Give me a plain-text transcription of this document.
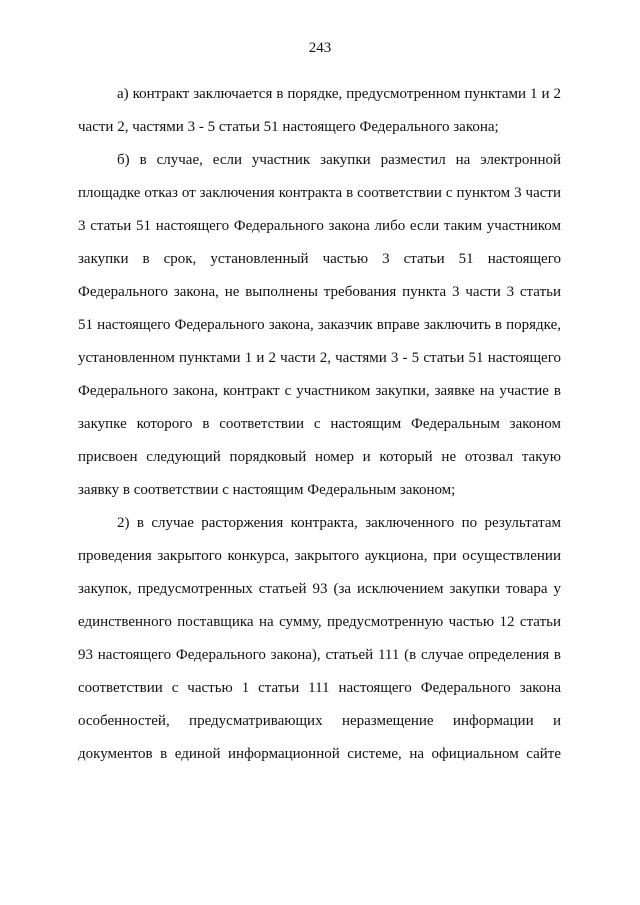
243

а) контракт заключается в порядке, предусмотренном пунктами 1 и 2 части 2, частями 3 - 5 статьи 51 настоящего Федерального закона;

б) в случае, если участник закупки разместил на электронной площадке отказ от заключения контракта в соответствии с пунктом 3 части 3 статьи 51 настоящего Федерального закона либо если таким участником закупки в срок, установленный частью 3 статьи 51 настоящего Федерального закона, не выполнены требования пункта 3 части 3 статьи 51 настоящего Федерального закона, заказчик вправе заключить в порядке, установленном пунктами 1 и 2 части 2, частями 3 - 5 статьи 51 настоящего Федерального закона, контракт с участником закупки, заявке на участие в закупке которого в соответствии с настоящим Федеральным законом присвоен следующий порядковый номер и который не отозвал такую заявку в соответствии с настоящим Федеральным законом;

2) в случае расторжения контракта, заключенного по результатам проведения закрытого конкурса, закрытого аукциона, при осуществлении закупок, предусмотренных статьей 93 (за исключением закупки товара у единственного поставщика на сумму, предусмотренную частью 12 статьи 93 настоящего Федерального закона), статьей 111 (в случае определения в соответствии с частью 1 статьи 111 настоящего Федерального закона особенностей, предусматривающих неразмещение информации и документов в единой информационной системе, на официальном сайте
